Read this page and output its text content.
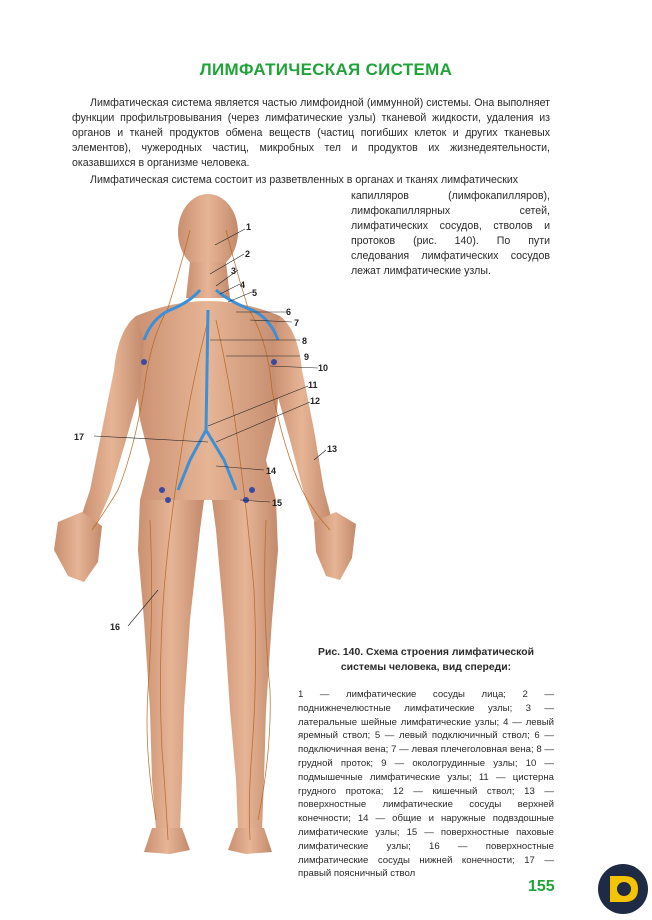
ЛИМФАТИЧЕСКАЯ СИСТЕМА

Лимфатическая система является частью лимфоидной (иммунной) системы. Она выполняет функции профильтровывания (через лимфатические узлы) тканевой жидкости, удаления из органов и тканей продуктов обмена веществ (частиц погибших клеток и других тканевых элементов), чужеродных частиц, микробных тел и продуктов их жизнедеятельности, оказавшихся в организме человека.

Лимфатическая система состоит из разветвленных в органах и тканях лимфатических

капилляров (лимфокапилляров), лимфокапиллярных сетей, лимфатических сосудов, стволов и протоков (рис. 140). По пути следования лимфатических сосудов лежат лимфатические узлы.

1
2
3
4
5
6
7
8
9
10
11
12
13
14
15
16
17
Рис. 140. Схема строения лимфатической системы человека, вид спереди:
1 — лимфатические сосуды лица; 2 — поднижнечелюстные лимфатические узлы; 3 — латеральные шейные лимфатические узлы; 4 — левый яремный ствол; 5 — левый подключичный ствол; 6 — подключичная вена; 7 — левая плечеголовная вена; 8 — грудной проток; 9 — окологрудинные узлы; 10 — подмышечные лимфатические узлы; 11 — цистерна грудного протока; 12 — кишечный ствол; 13 — поверхностные лимфатические сосуды верхней конечности; 14 — общие и наружные подвздошные лимфатические узлы; 15 — поверхностные паховые лимфатические узлы; 16 — поверхностные лимфатические сосуды нижней конечности; 17 — правый поясничный ствол
155
